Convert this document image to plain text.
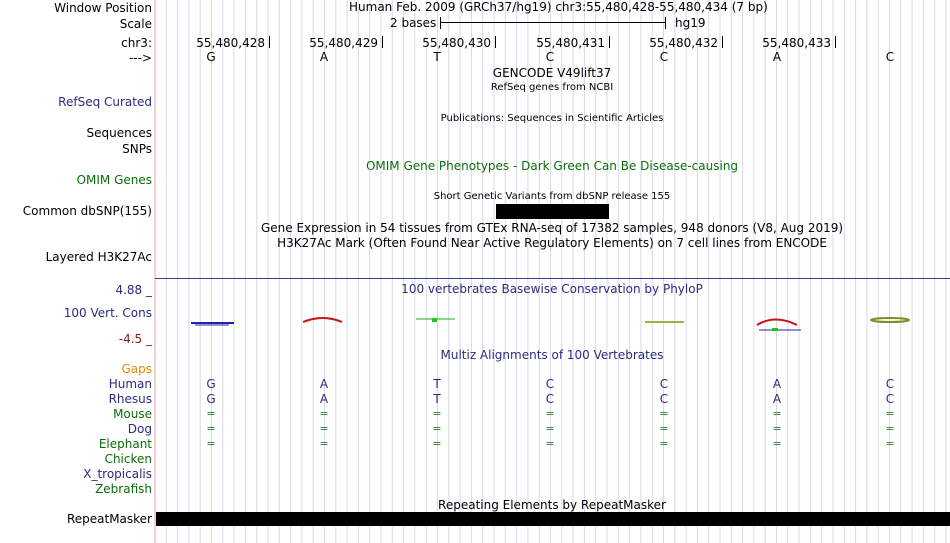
Window Position	Human Feb. 2009 (GRCh37/hg19) chr3:55,480,428-55,480,434 (7 bp)
Scale	2 bases	hg19
chr3:	55,480,428	55,480,429	55,480,430	55,480,431	55,480,432	55,480,433
--->	G	A	T	C	C	A	C
GENCODE V49lift37
RefSeq genes from NCBI
RefSeq Curated
Publications: Sequences in Scientific Articles
Sequences
SNPs
OMIM Gene Phenotypes - Dark Green Can Be Disease-causing
OMIM Genes
Short Genetic Variants from dbSNP release 155
Common dbSNP(155)
Gene Expression in 54 tissues from GTEx RNA-seq of 17382 samples, 948 donors (V8, Aug 2019)
H3K27Ac Mark (Often Found Near Active Regulatory Elements) on 7 cell lines from ENCODE
Layered H3K27Ac
4.88 _	100 vertebrates Basewise Conservation by PhyloP
100 Vert. Cons
-4.5 _
Multiz Alignments of 100 Vertebrates
Gaps
Human	G	A	T	C	C	A	C
Rhesus	G	A	T	C	C	A	C
Mouse	=	=	=	=	=	=	=
Dog	=	=	=	=	=	=	=
Elephant	=	=	=	=	=	=	=
Chicken
X_tropicalis
Zebrafish
Repeating Elements by RepeatMasker
RepeatMasker
